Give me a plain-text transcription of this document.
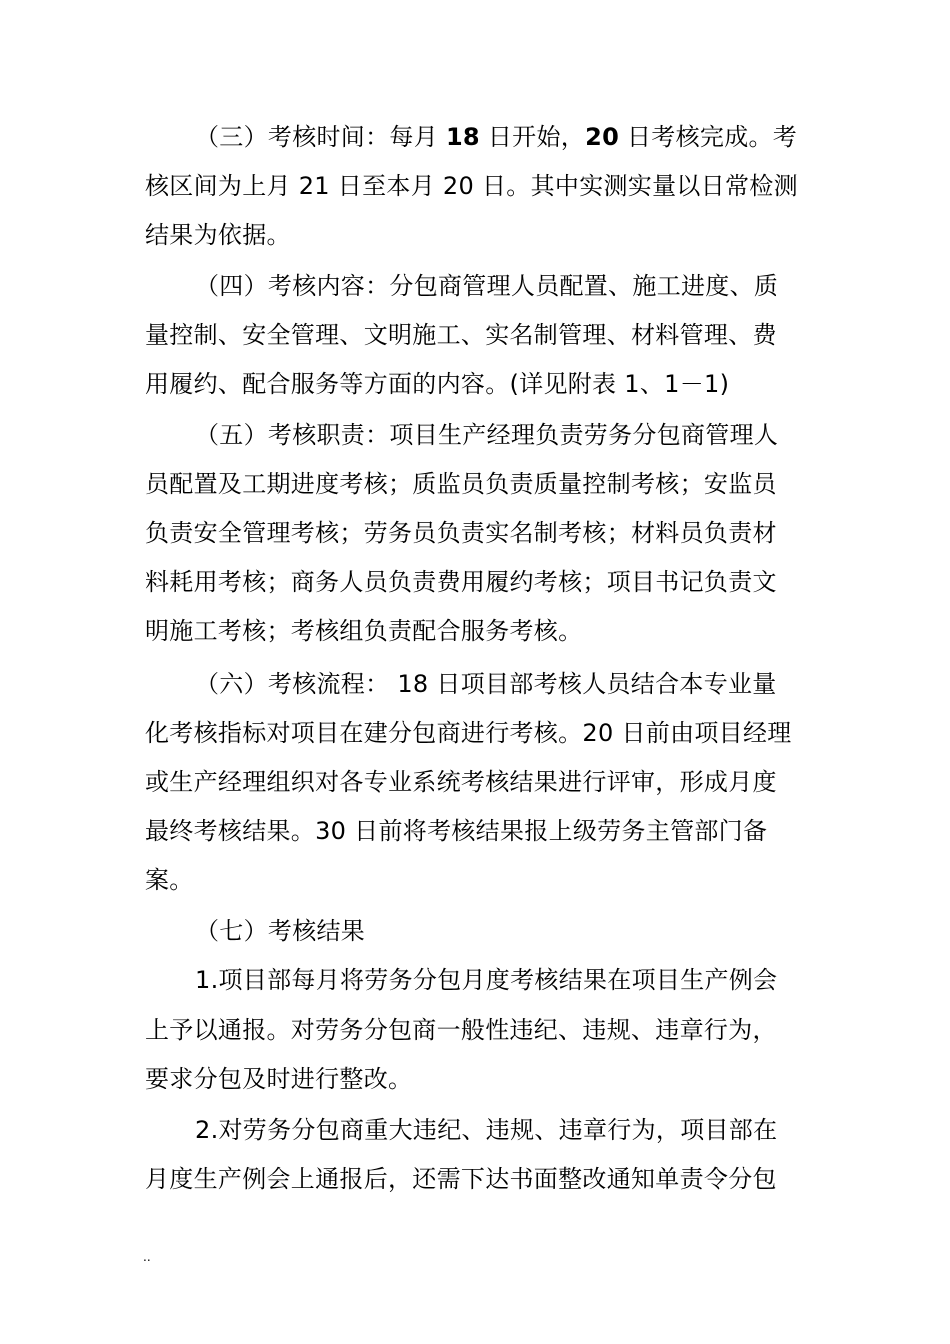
（三）考核时间：每月 18 日开始，20 日考核完成。考
核区间为上月 21 日至本月 20 日。其中实测实量以日常检测
结果为依据。
（四）考核内容：分包商管理人员配置、施工进度、质
量控制、安全管理、文明施工、实名制管理、材料管理、费
用履约、配合服务等方面的内容。(详见附表 1、1－1)
（五）考核职责：项目生产经理负责劳务分包商管理人
员配置及工期进度考核；质监员负责质量控制考核；安监员
负责安全管理考核；劳务员负责实名制考核；材料员负责材
料耗用考核；商务人员负责费用履约考核；项目书记负责文
明施工考核；考核组负责配合服务考核。
（六）考核流程： 18 日项目部考核人员结合本专业量
化考核指标对项目在建分包商进行考核。20 日前由项目经理
或生产经理组织对各专业系统考核结果进行评审，形成月度
最终考核结果。30 日前将考核结果报上级劳务主管部门备
案。
（七）考核结果
1.项目部每月将劳务分包月度考核结果在项目生产例会
上予以通报。对劳务分包商一般性违纪、违规、违章行为，
要求分包及时进行整改。
2.对劳务分包商重大违纪、违规、违章行为，项目部在
月度生产例会上通报后，还需下达书面整改通知单责令分包
..
